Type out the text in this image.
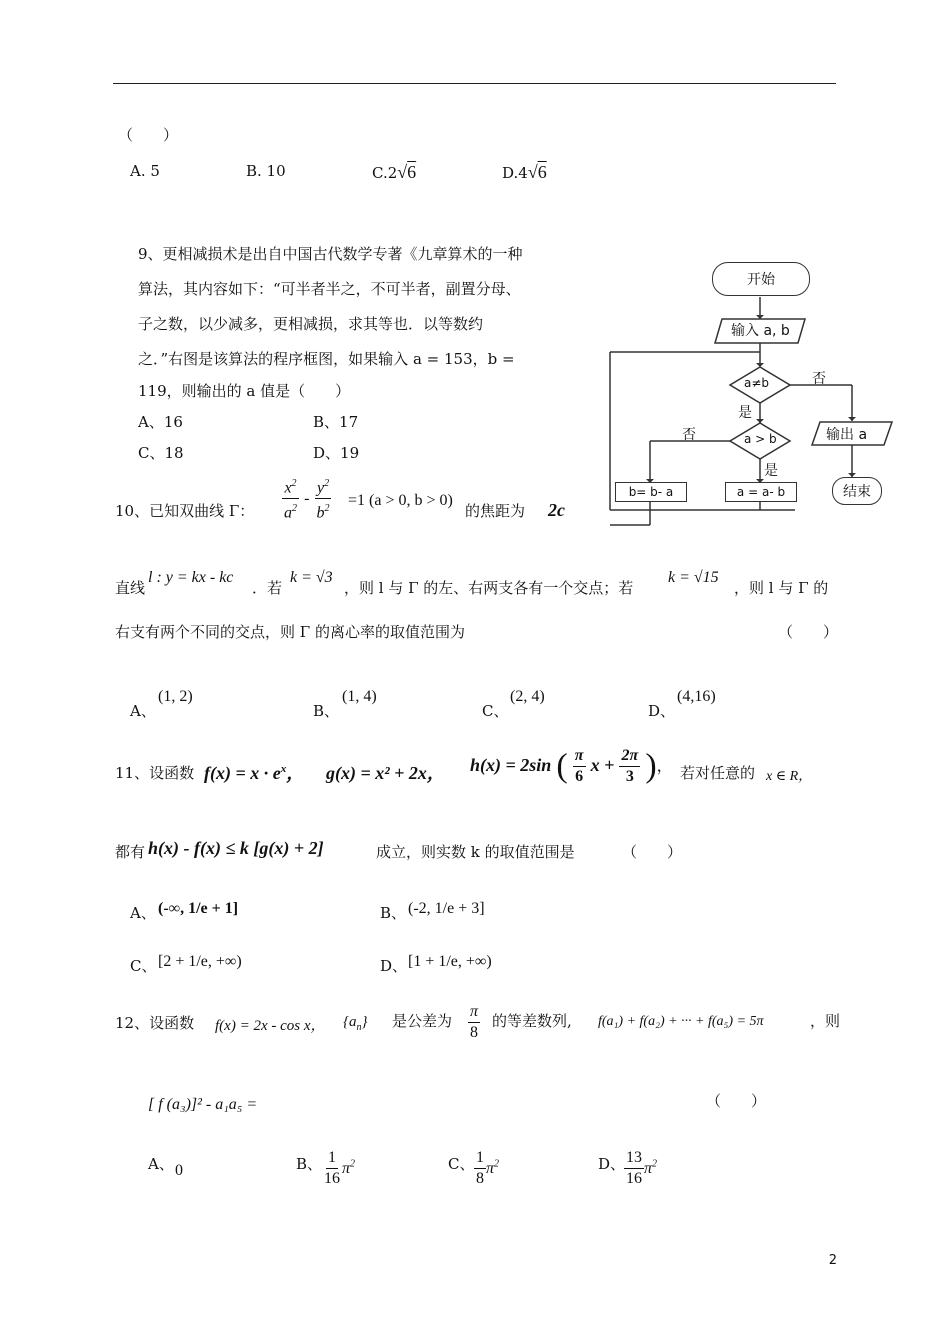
（　　）
A. 5	B. 10	C.2√6	D.4√6
9、更相减损术是出自中国古代数学专著《九章算术的一种
算法，其内容如下：“可半者半之，不可半者，副置分母、
子之数，以少减多，更相减损，求其等也．以等数约
之．”右图是该算法的程序框图，如果输入 a = 153，b =
119，则输出的 a 值是（　　）
A、16	B、17
C、18	D、19
开始
输入 a, b
a≠b	否
是
输出 a
a > b
否
是
b= b- a	a = a- b	结束
10、已知双曲线 Γ： $\frac{x^2}{a^2} - \frac{y^2}{b^2} =1$ (a > 0, b > 0)
的焦距为 2c
直线
l : y = kx - kc
．若
k = √3
，则 l 与 Γ 的左、右两支各有一个交点；若
k = √15
，则 l 与 Γ 的
右支有两个不同的交点，则 Γ 的离心率的取值范围为	（　　）
A、
(1, 2)
B、
(1, 4)
C、
(2, 4)
D、
(4,16)
11、设函数 $f(x) = x \cdot e^x$， g(x) = x² + 2x， h(x) = 2sin ( $\frac{\pi}{6}$ $x + \frac{2\pi}{3}$ )， 若对任意的 x ∈ R，
都有 h(x) - f(x) ≤ k [g(x) + 2]	成立，则实数 k 的取值范围是	（　　）
A、 (-∞, 1/e + 1]	B、 (-2, 1/e + 3]
C、 [2 + 1/e, +∞)	D、 [1 + 1/e, +∞)
12、设函数 f(x) = 2x - cos x， $\{a_n\}$ 是公差为 $\frac{\pi}{8}$ 的等差数列, f(a₁) + f(a₂) + ··· + f(a₅) = 5π	，则
[ f (a₃)]² - a₁a₅ =	（　　）
A、 0	B、 $\frac{1}{16} \pi^2$	C、 $\frac{1}{8} \pi^2$	D、
$\frac{13}{16} \pi^2$
2
